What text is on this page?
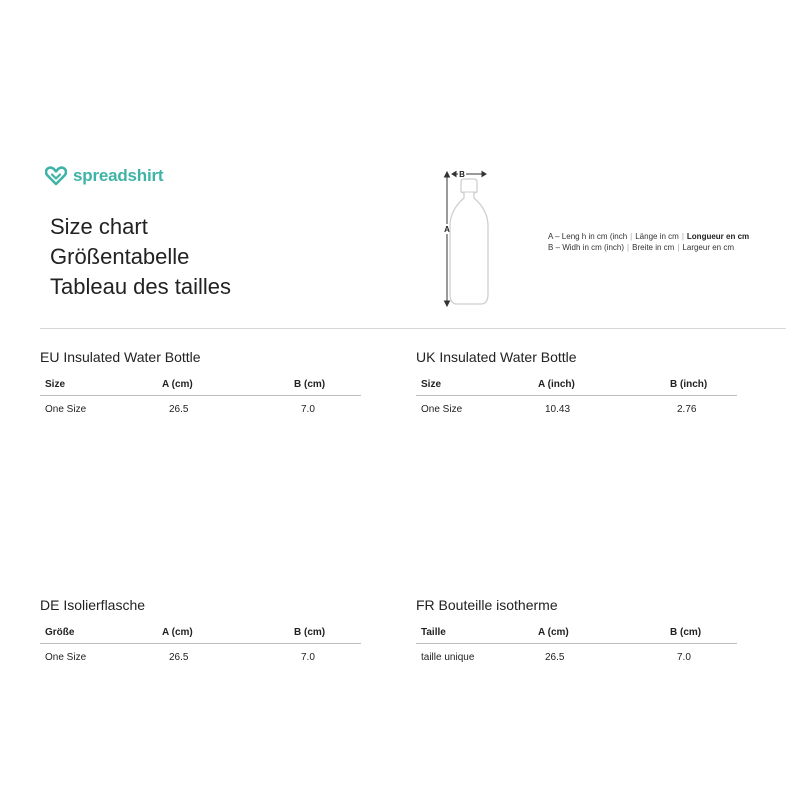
spreadshirt
Size chart
Größentabelle
Tableau des tailles
B
A
A – Leng h in cm (inch | Länge in cm | Longueur en cm
B – Widh in cm (inch) | Breite in cm | Largeur en cm
EU Insulated Water Bottle
Size	A (cm)	B (cm)
One Size	26.5	7.0
UK Insulated Water Bottle
Size	A (inch)	B (inch)
One Size	10.43	2.76
DE Isolierflasche
Größe	A (cm)	B (cm)
One Size	26.5	7.0
FR Bouteille isotherme
Taille	A (cm)	B (cm)
taille unique	26.5	7.0
